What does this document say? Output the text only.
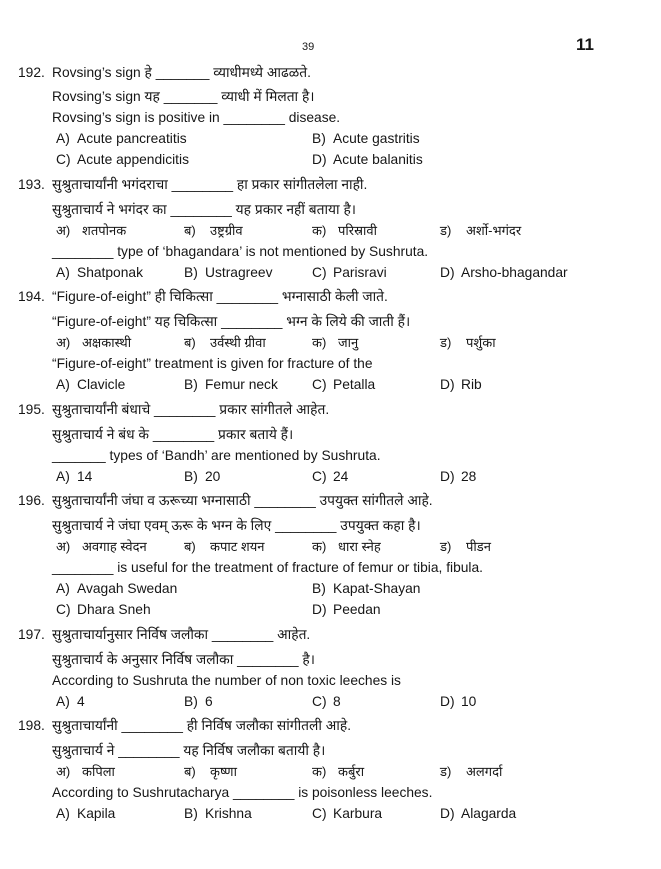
39	11
192. Rovsing’s sign हे _______ व्याधीमध्ये आढळते.
Rovsing’s sign यह _______ व्याधी में मिलता है।
Rovsing’s sign is positive in ________ disease.
A) Acute pancreatitis	B) Acute gastritis
C) Acute appendicitis	D) Acute balanitis
193. सुश्रुताचार्यांनी भगंदराचा ________ हा प्रकार सांगीतलेला नाही.
सुश्रुताचार्य ने भगंदर का ________ यह प्रकार नहीं बताया है।
अ) शतपोनक	ब) उष्ट्रग्रीव	क) परिस्रावी	ड) अर्शो-भगंदर
________ type of ‘bhagandara’ is not mentioned by Sushruta.
A) Shatponak	B) Ustragreev	C) Parisravi	D) Arsho-bhagandar
194. “Figure-of-eight” ही चिकित्सा ________ भग्नासाठी केली जाते.
“Figure-of-eight” यह चिकित्सा ________ भग्न के लिये की जाती हैं।
अ) अक्षकास्थी	ब) उर्वस्थी ग्रीवा	क) जानु	ड) पर्शुका
“Figure-of-eight” treatment is given for fracture of the
A) Clavicle	B) Femur neck	C) Petalla	D) Rib
195. सुश्रुताचार्यांनी बंधाचे ________ प्रकार सांगीतले आहेत.
सुश्रुताचार्य ने बंध के ________ प्रकार बताये हैं।
_______ types of ‘Bandh’ are mentioned by Sushruta.
A) 14	B) 20	C) 24	D) 28
196. सुश्रुताचार्यांनी जंघा व ऊरूच्या भग्नासाठी ________ उपयुक्त सांगीतले आहे.
सुश्रुताचार्य ने जंघा एवम् ऊरू के भग्न के लिए ________ उपयुक्त कहा है।
अ) अवगाह स्वेदन	ब) कपाट शयन	क) धारा स्नेह	ड) पीडन
________ is useful for the treatment of fracture of femur or tibia, fibula.
A) Avagah Swedan	B) Kapat-Shayan
C) Dhara Sneh	D) Peedan
197. सुश्रुताचार्यानुसार निर्विष जलौका ________ आहेत.
सुश्रुताचार्य के अनुसार निर्विष जलौका ________ है।
According to Sushruta the number of non toxic leeches is
A) 4	B) 6	C) 8	D) 10
198. सुश्रुताचार्यांनी ________ ही निर्विष जलौका सांगीतली आहे.
सुश्रुताचार्य ने ________ यह निर्विष जलौका बतायी है।
अ) कपिला	ब) कृष्णा	क) कर्बुरा	ड) अलगर्दा
According to Sushrutacharya ________ is poisonless leeches.
A) Kapila	B) Krishna	C) Karbura	D) Alagarda
